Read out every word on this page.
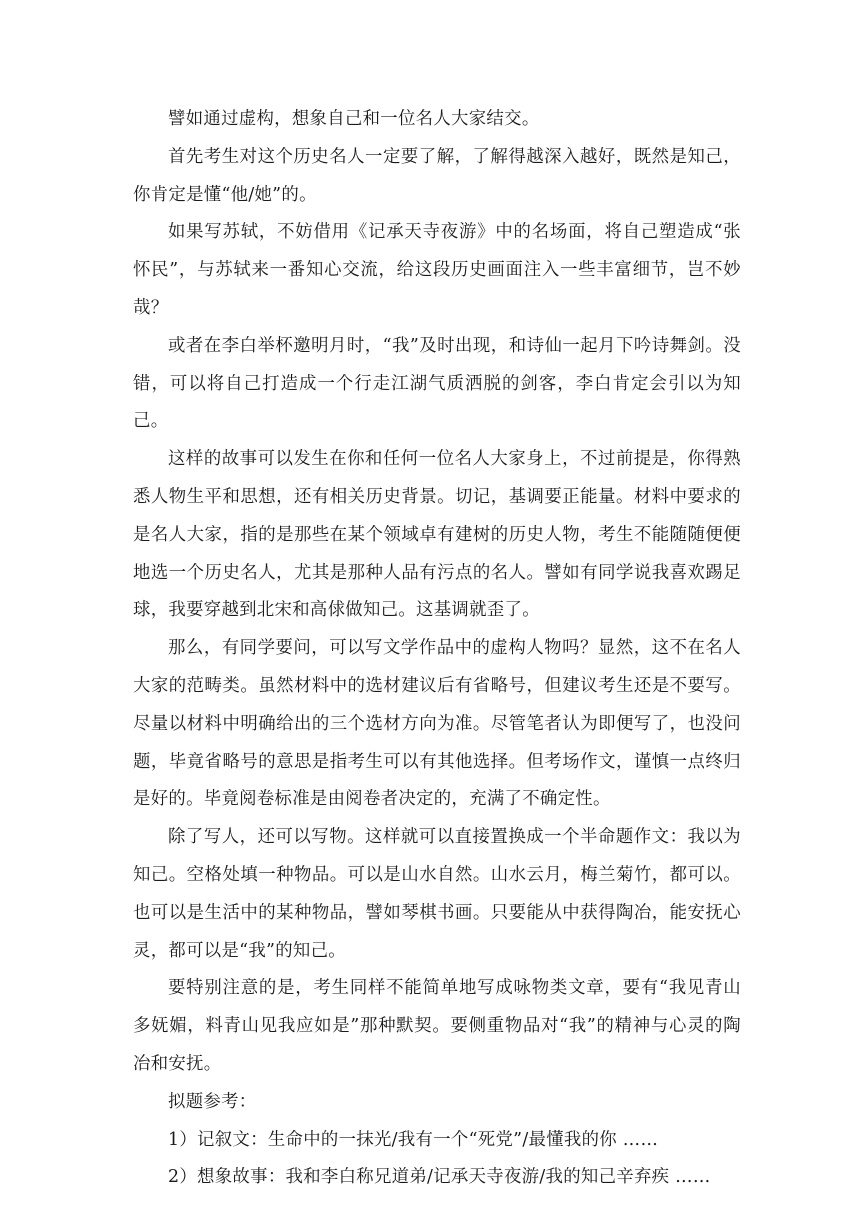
譬如通过虚构，想象自己和一位名人大家结交。

首先考生对这个历史名人一定要了解，了解得越深入越好，既然是知己，你肯定是懂“他/她”的。

如果写苏轼，不妨借用《记承天寺夜游》中的名场面，将自己塑造成“张怀民”，与苏轼来一番知心交流，给这段历史画面注入一些丰富细节，岂不妙哉？

或者在李白举杯邀明月时，“我”及时出现，和诗仙一起月下吟诗舞剑。没错，可以将自己打造成一个行走江湖气质洒脱的剑客，李白肯定会引以为知己。

这样的故事可以发生在你和任何一位名人大家身上，不过前提是，你得熟悉人物生平和思想，还有相关历史背景。切记，基调要正能量。材料中要求的是名人大家，指的是那些在某个领域卓有建树的历史人物，考生不能随随便便地选一个历史名人，尤其是那种人品有污点的名人。譬如有同学说我喜欢踢足球，我要穿越到北宋和高俅做知己。这基调就歪了。

那么，有同学要问，可以写文学作品中的虚构人物吗？显然，这不在名人大家的范畴类。虽然材料中的选材建议后有省略号，但建议考生还是不要写。尽量以材料中明确给出的三个选材方向为准。尽管笔者认为即便写了，也没问题，毕竟省略号的意思是指考生可以有其他选择。但考场作文，谨慎一点终归是好的。毕竟阅卷标准是由阅卷者决定的，充满了不确定性。

除了写人，还可以写物。这样就可以直接置换成一个半命题作文：我以为知己。空格处填一种物品。可以是山水自然。山水云月，梅兰菊竹，都可以。也可以是生活中的某种物品，譬如琴棋书画。只要能从中获得陶冶，能安抚心灵，都可以是“我”的知己。

要特别注意的是，考生同样不能简单地写成咏物类文章，要有“我见青山多妩媚，料青山见我应如是”那种默契。要侧重物品对“我”的精神与心灵的陶冶和安抚。

拟题参考：

1）记叙文：生命中的一抹光/我有一个“死党”/最懂我的你 ……

2）想象故事：我和李白称兄道弟/记承天寺夜游/我的知己辛弃疾 ……
